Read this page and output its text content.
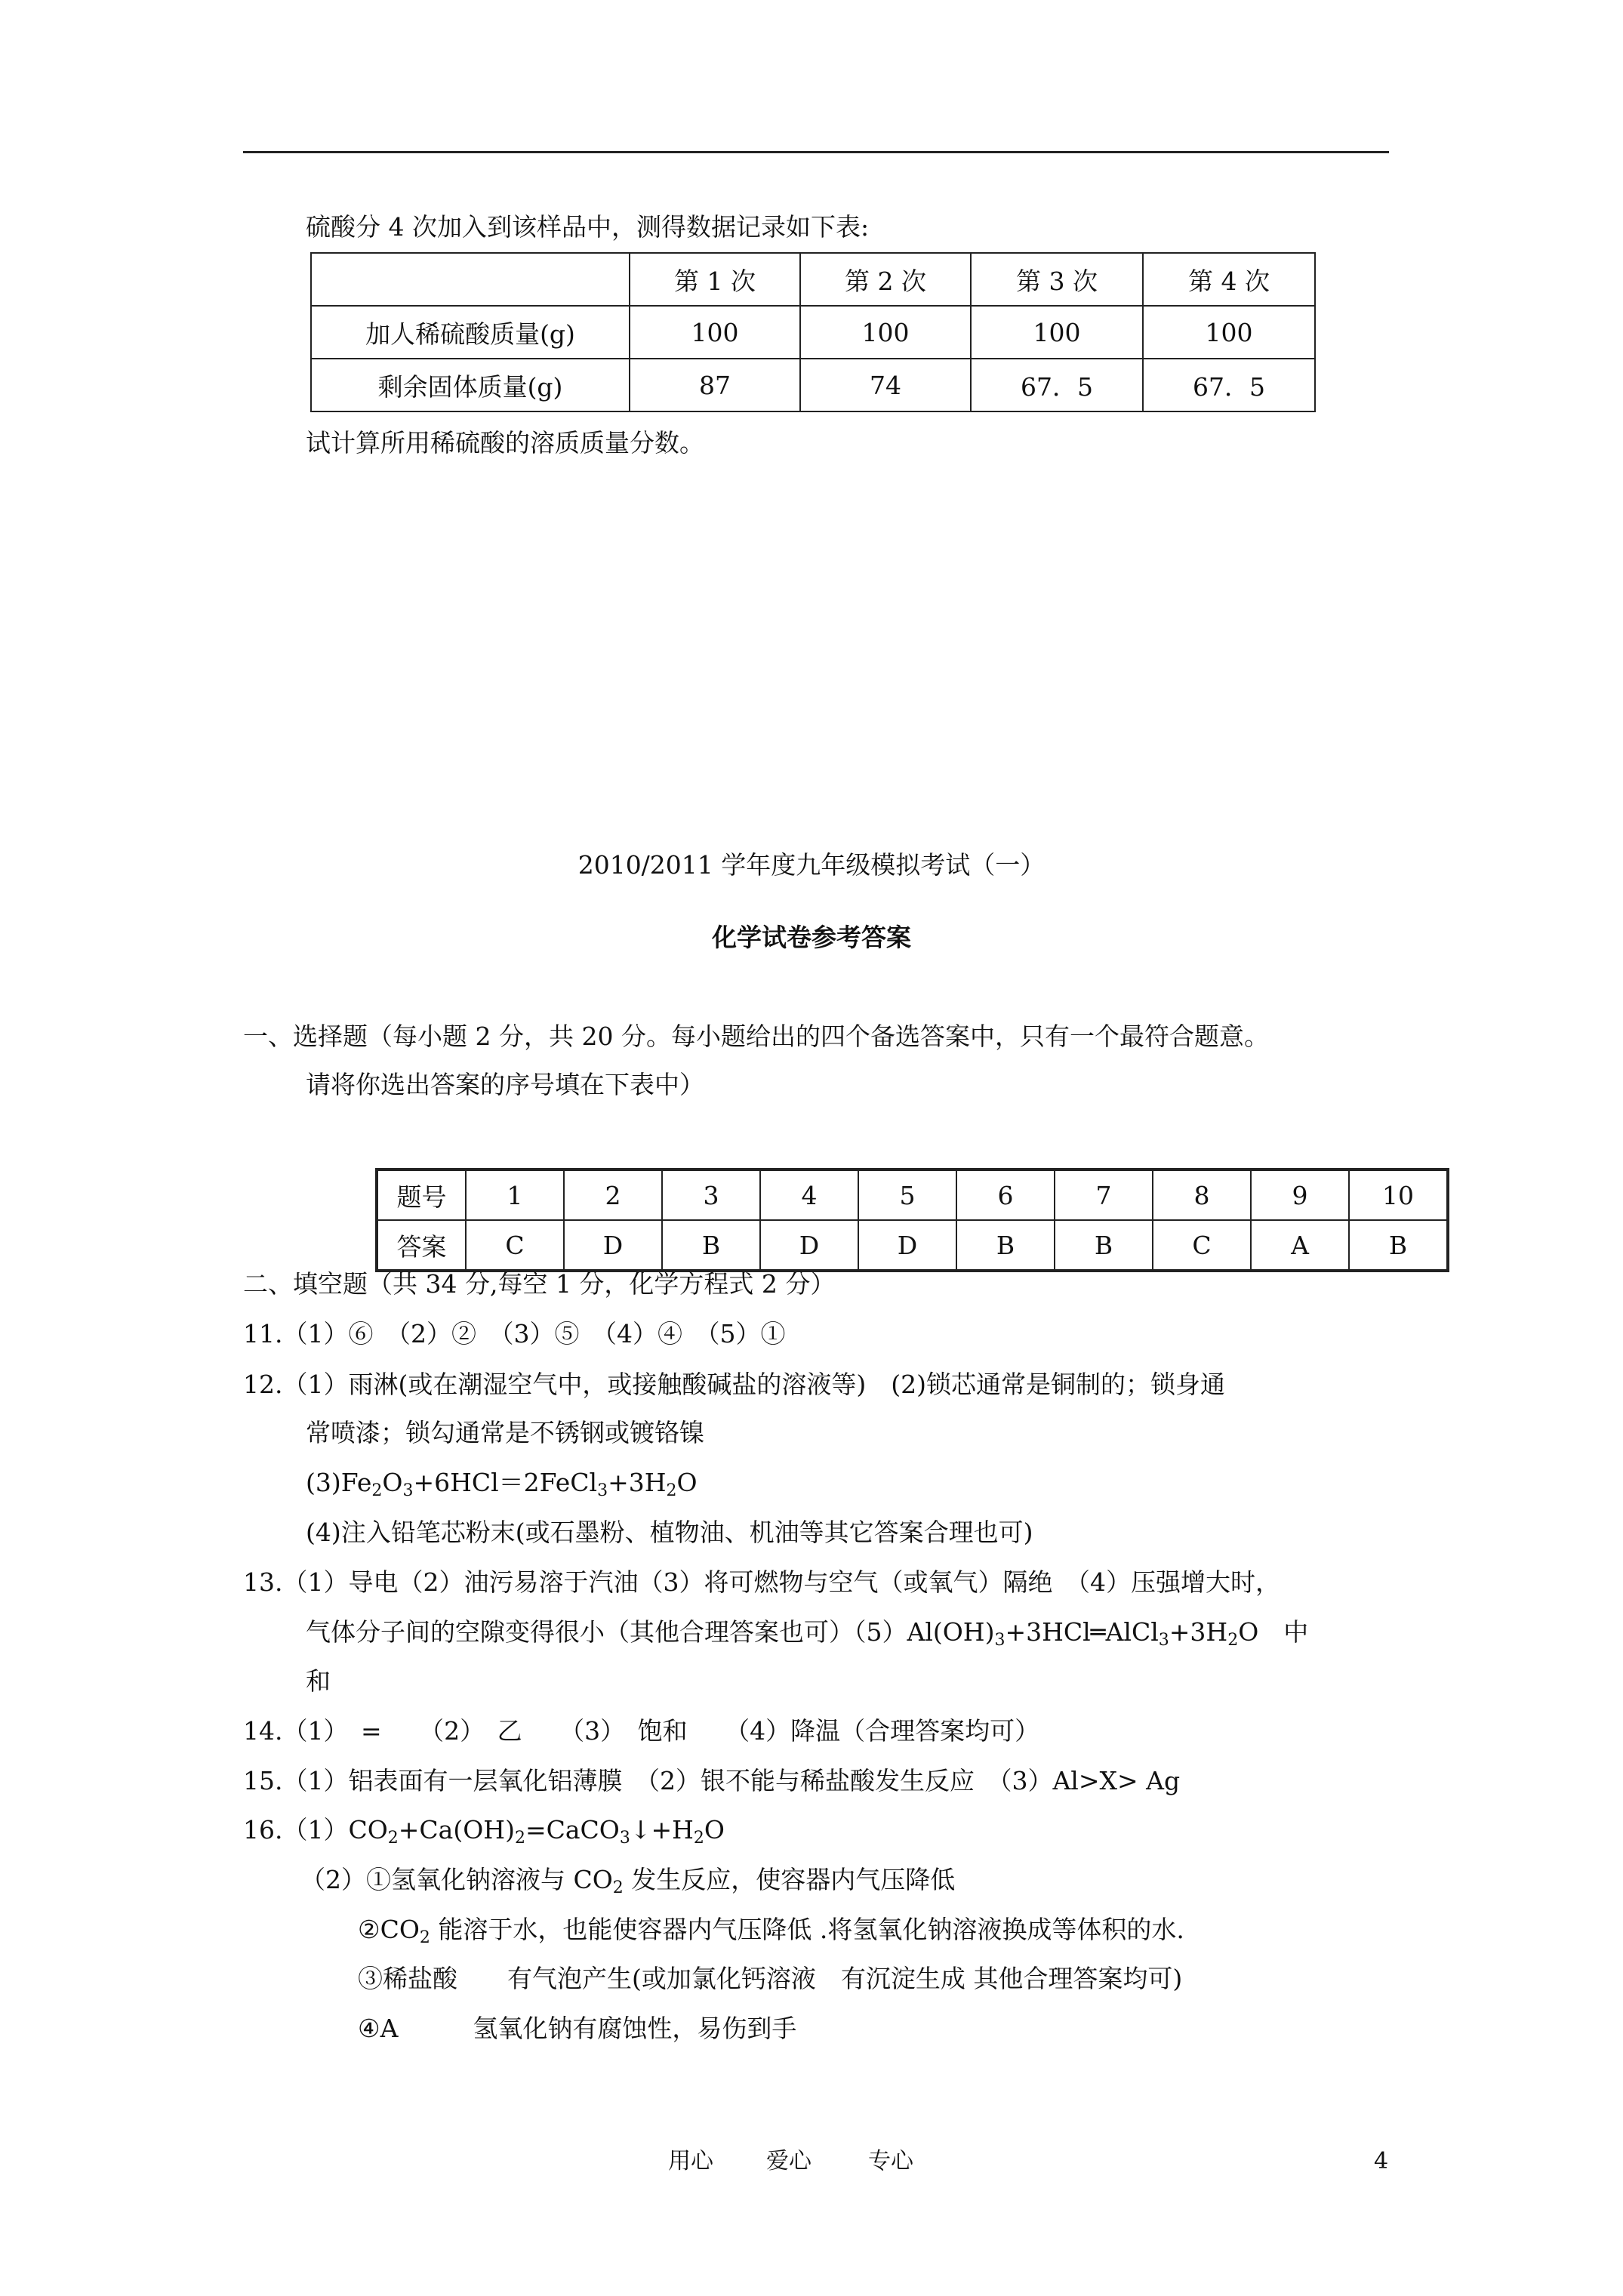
硫酸分 4 次加入到该样品中，测得数据记录如下表:
	第 1 次	第 2 次	第 3 次	第 4 次
加人稀硫酸质量(g)	100	100	100	100
剩余固体质量(g)	87	74	67．5	67．5
试计算所用稀硫酸的溶质质量分数。
2010/2011 学年度九年级模拟考试（一）
化学试卷参考答案
一、选择题（每小题 2 分，共 20 分。每小题给出的四个备选答案中，只有一个最符合题意。
请将你选出答案的序号填在下表中）
题号	1	2	3	4	5	6	7	8	9	10
答案	C	D	B	D	D	B	B	C	A	B
二、填空题（共 34 分,每空 1 分，化学方程式 2 分）
11.（1）⑥　（2）②　（3）⑤　（4）④　（5）①
12.（1）雨淋(或在潮湿空气中，或接触酸碱盐的溶液等)　(2)锁芯通常是铜制的；锁身通
常喷漆；锁勾通常是不锈钢或镀铬镍
$(3)Fe_2O_3+6HCl=2FeCl_3+3H_2O$
(4)注入铅笔芯粉末(或石墨粉、植物油、机油等其它答案合理也可)
13.（1）导电（2）油污易溶于汽油（3）将可燃物与空气（或氧气）隔绝　（4）压强增大时，
气体分子间的空隙变得很小（其他合理答案也可）$(5)Al(OH)_3+3HCl═AlCl_3+3H_2O$　中
和
14.（1）　=　　（2）　乙　　（3）　饱和　　（4）降温（合理答案均可）
15.（1）铝表面有一层氧化铝薄膜　（2）银不能与稀盐酸发生反应　（3）Al>X> Ag
$16.(1)CO_2+Ca(OH)_2=CaCO_3↓+H_2O$
（2）①氢氧化钠溶液与 $CO_2$ 发生反应，使容器内气压降低
$②CO_2$ 能溶于水，也能使容器内气压降低 .将氢氧化钠溶液换成等体积的水.
③稀盐酸　　有气泡产生(或加氯化钙溶液　有沉淀生成 其他合理答案均可)
④A　　　氢氧化钠有腐蚀性，易伤到手
用心 爱心	专心	4
